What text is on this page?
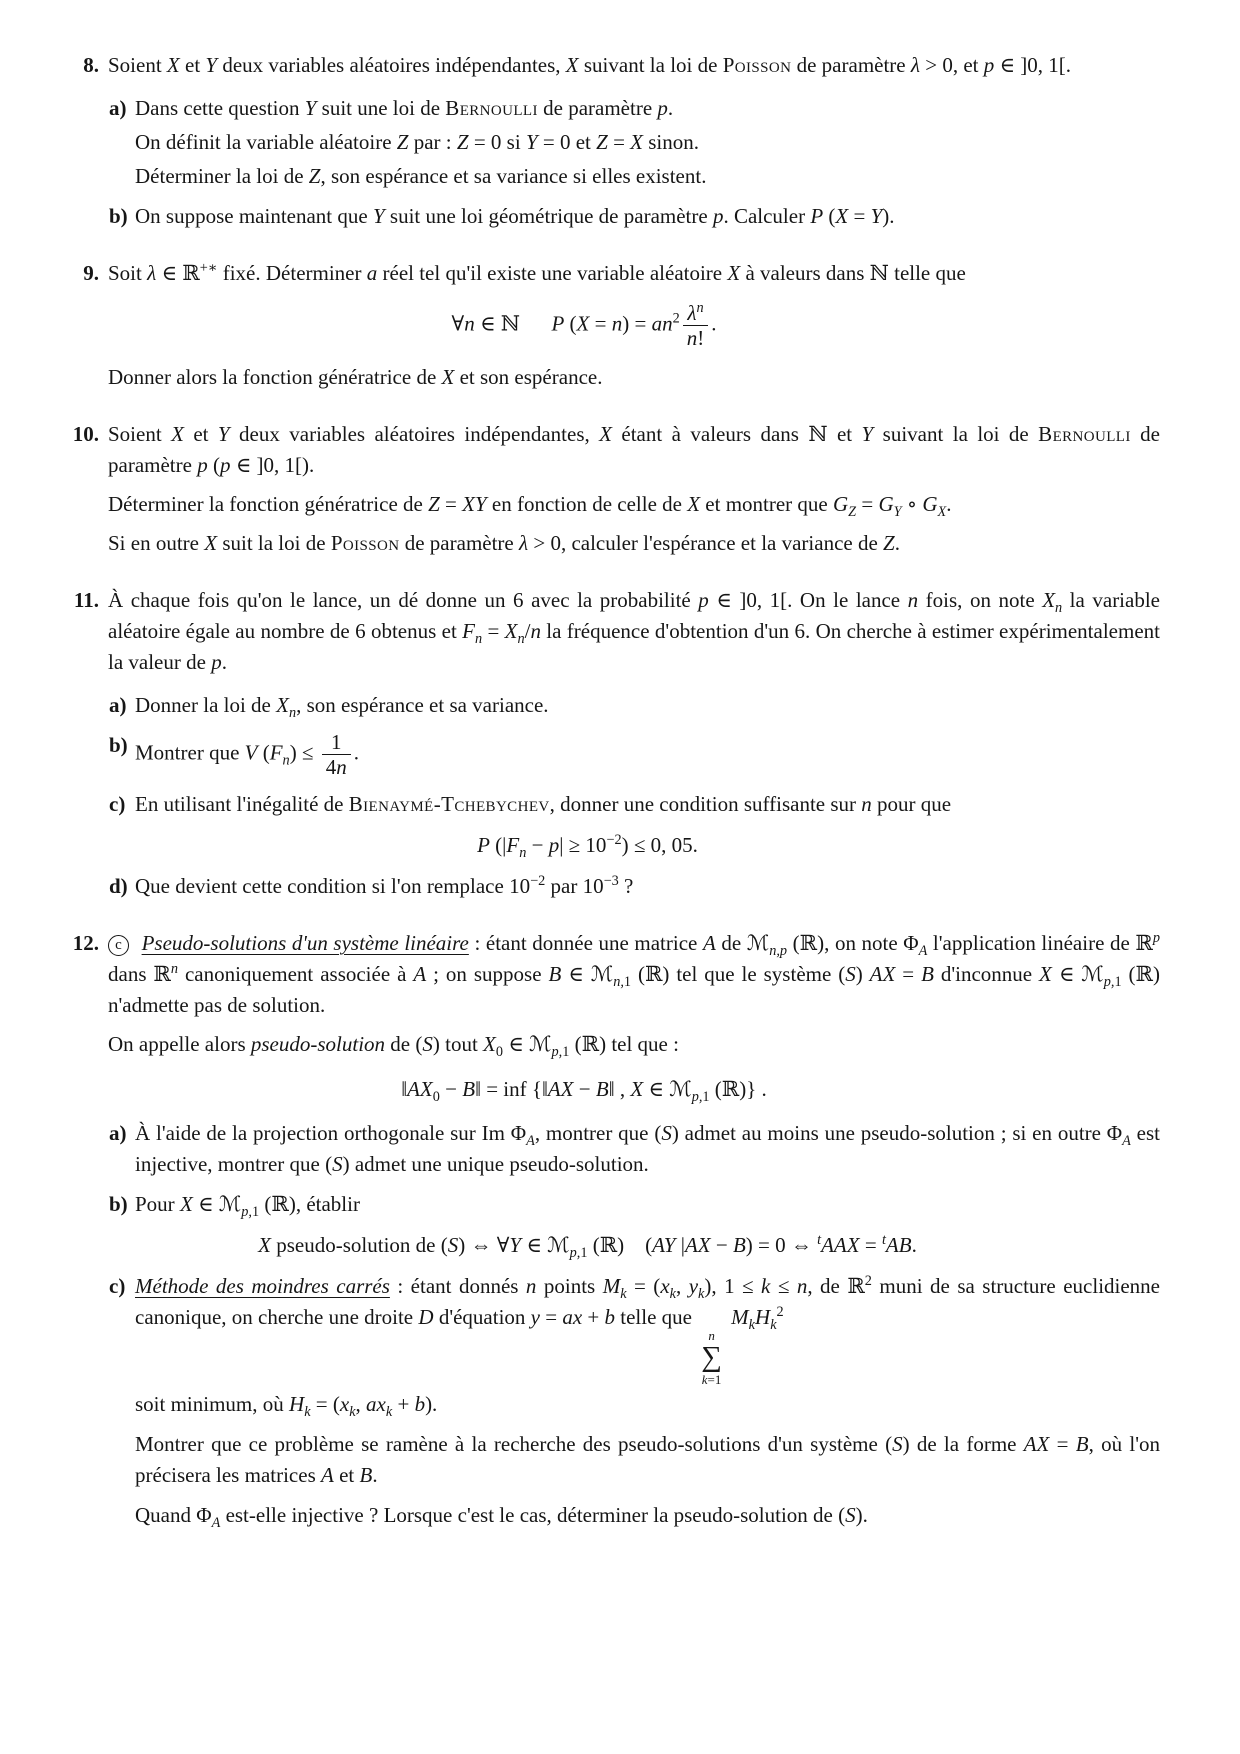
8. Soient X et Y deux variables aléatoires indépendantes, X suivant la loi de Poisson de paramètre λ > 0, et p ∈ ]0, 1[.

a) Dans cette question Y suit une loi de Bernoulli de paramètre p.

On définit la variable aléatoire Z par : Z = 0 si Y = 0 et Z = X sinon.

Déterminer la loi de Z, son espérance et sa variance si elles existent.

b) On suppose maintenant que Y suit une loi géométrique de paramètre p. Calculer P (X = Y).

9. Soit λ ∈ ℝ+∗ fixé. Déterminer a réel tel qu'il existe une variable aléatoire X à valeurs dans ℕ telle que

∀n ∈ ℕ  P $(X = n) = an^2 \frac{\lambda^n}{n!}$ .

Donner alors la fonction génératrice de X et son espérance.

10. Soient X et Y deux variables aléatoires indépendantes, X étant à valeurs dans ℕ et Y suivant la loi de Bernoulli de paramètre p (p ∈ ]0, 1[).

Déterminer la fonction génératrice de Z = XY en fonction de celle de X et montrer que $G_Z = G_Y$ ∘ $G_X$.

Si en outre X suit la loi de Poisson de paramètre λ > 0, calculer l'espérance et la variance de Z.

11. À chaque fois qu'on le lance, un dé donne un 6 avec la probabilité p ∈ ]0, 1[. On le lance n fois, on note $X_n$ la variable aléatoire égale au nombre de 6 obtenus et $F_n = X_n/n$ la fréquence d'obtention d'un 6. On cherche à estimer expérimentalement la valeur de p.

a) Donner la loi de $X_n$, son espérance et sa variance.

b) Montrer que V $(F_n) \le \frac{1}{4n}$ .

c) En utilisant l'inégalité de Bienaymé-Tchebychev, donner une condition suffisante sur n pour que

P $(|F_n - p| \ge 10^{-2}) \le 0$, 05.
d) Que devient cette condition si l'on remplace $10^{-2}$ par $10^{-3}$ ?

12.	c Pseudo-solutions d'un système linéaire : étant donnée une matrice A de ℳ$_{n,p}$ (ℝ), on note $\Phi_A$ l'application linéaire de ℝ$^p$ dans ℝ$^n$ canoniquement associée à A ; on suppose B ∈ ℳ$_{n,1}$ (ℝ) tel que le système (S) AX = B d'inconnue X ∈ ℳ$_{p,1}$ (ℝ) n'admette pas de solution.

On appelle alors pseudo-solution de (S) tout $X_0$ ∈ ℳ$_{p,1}$ (ℝ) tel que :

$‖AX_0$ − B‖ = inf {‖AX − B‖ , X ∈ ℳ$_{p,1}$ (ℝ)} .
a) À l'aide de la projection orthogonale sur Im $\Phi_A$, montrer que (S) admet au moins une pseudo-solution ; si en outre $\Phi_A$ est injective, montrer que (S) admet une unique pseudo-solution.

b) Pour X ∈ ℳ$_{p,1}$ (ℝ), établir

X pseudo-solution de (S) ⇔ ∀Y ∈ ℳ$_{p,1}$ (ℝ) (AY |AX − B) = 0 ⇔ $^t$AAX = $^t$AB.
c) Méthode des moindres carrés : étant donnés n points $M_k = (x_k$, $y_k$), 1 ≤ k ≤ n, de ℝ$^2$ muni de sa structure euclidienne canonique, on cherche une droite D d'équation y = ax + b telle que
n
∑
k=1
$M_kH_k^2$

soit minimum, où $H_k = (x_k$, $ax_k + b$).

Montrer que ce problème se ramène à la recherche des pseudo-solutions d'un système (S) de la forme AX = B, où l'on précisera les matrices A et B.

Quand $\Phi_A$ est-elle injective ? Lorsque c'est le cas, déterminer la pseudo-solution de (S).
